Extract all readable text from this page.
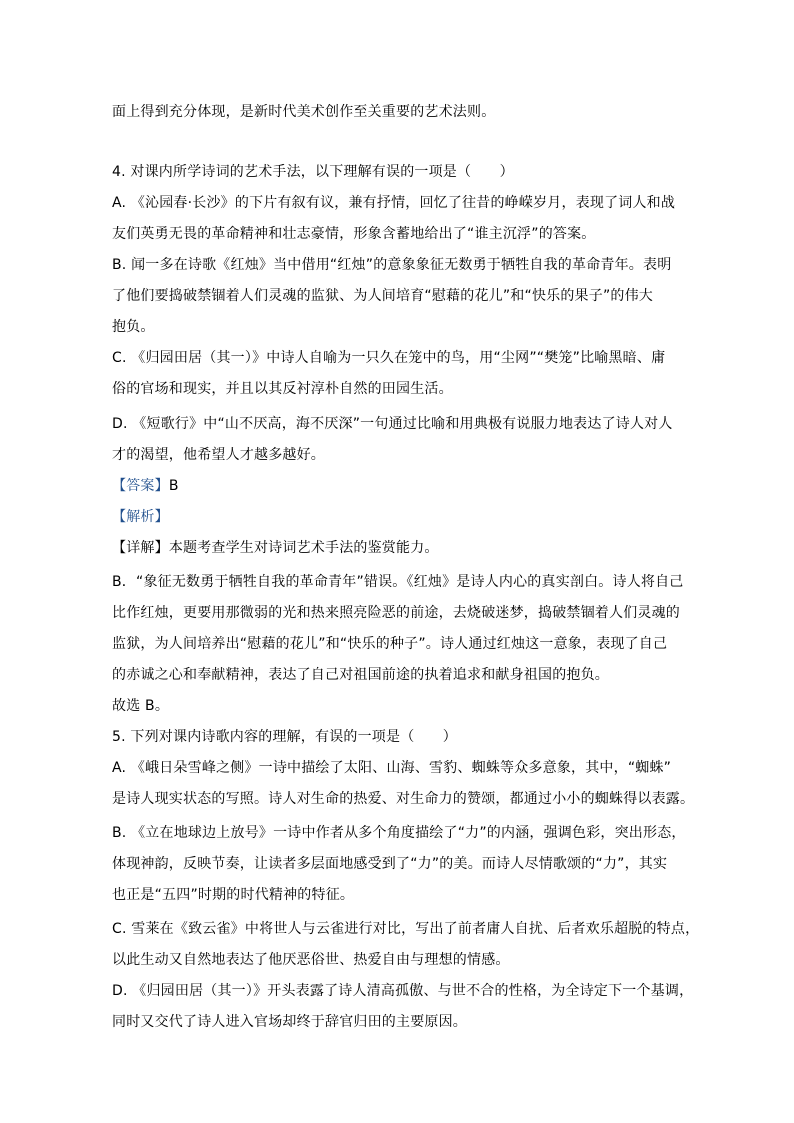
面上得到充分体现，是新时代美术创作至关重要的艺术法则。
4. 对课内所学诗词的艺术手法，以下理解有误的一项是（　　）
A. 《沁园春·长沙》的下片有叙有议，兼有抒情，回忆了往昔的峥嵘岁月，表现了词人和战
友们英勇无畏的革命精神和壮志豪情，形象含蓄地给出了“谁主沉浮”的答案。
B. 闻一多在诗歌《红烛》当中借用“红烛”的意象象征无数勇于牺牲自我的革命青年。表明
了他们要捣破禁锢着人们灵魂的监狱、为人间培育“慰藉的花儿”和“快乐的果子”的伟大
抱负。
C. 《归园田居（其一）》中诗人自喻为一只久在笼中的鸟，用“尘网”“樊笼”比喻黑暗、庸
俗的官场和现实，并且以其反衬淳朴自然的田园生活。
D. 《短歌行》中“山不厌高，海不厌深”一句通过比喻和用典极有说服力地表达了诗人对人
才的渴望，他希望人才越多越好。
【答案】B
【解析】
【详解】本题考查学生对诗词艺术手法的鉴赏能力。
B．“象征无数勇于牺牲自我的革命青年”错误。《红烛》是诗人内心的真实剖白。诗人将自己
比作红烛，更要用那微弱的光和热来照亮险恶的前途，去烧破迷梦，捣破禁锢着人们灵魂的
监狱，为人间培养出“慰藉的花儿”和“快乐的种子”。诗人通过红烛这一意象，表现了自己
的赤诚之心和奉献精神，表达了自己对祖国前途的执着追求和献身祖国的抱负。
故选 B。
5. 下列对课内诗歌内容的理解，有误的一项是（　　）
A. 《峨日朵雪峰之侧》一诗中描绘了太阳、山海、雪豹、蜘蛛等众多意象，其中，“蜘蛛”
是诗人现实状态的写照。诗人对生命的热爱、对生命力的赞颂，都通过小小的蜘蛛得以表露。
B. 《立在地球边上放号》一诗中作者从多个角度描绘了“力”的内涵，强调色彩，突出形态，
体现神韵，反映节奏，让读者多层面地感受到了“力”的美。而诗人尽情歌颂的“力”，其实
也正是“五四”时期的时代精神的特征。
C. 雪莱在《致云雀》中将世人与云雀进行对比，写出了前者庸人自扰、后者欢乐超脱的特点，
以此生动又自然地表达了他厌恶俗世、热爱自由与理想的情感。
D. 《归园田居（其一）》开头表露了诗人清高孤傲、与世不合的性格，为全诗定下一个基调，
同时又交代了诗人进入官场却终于辞官归田的主要原因。
